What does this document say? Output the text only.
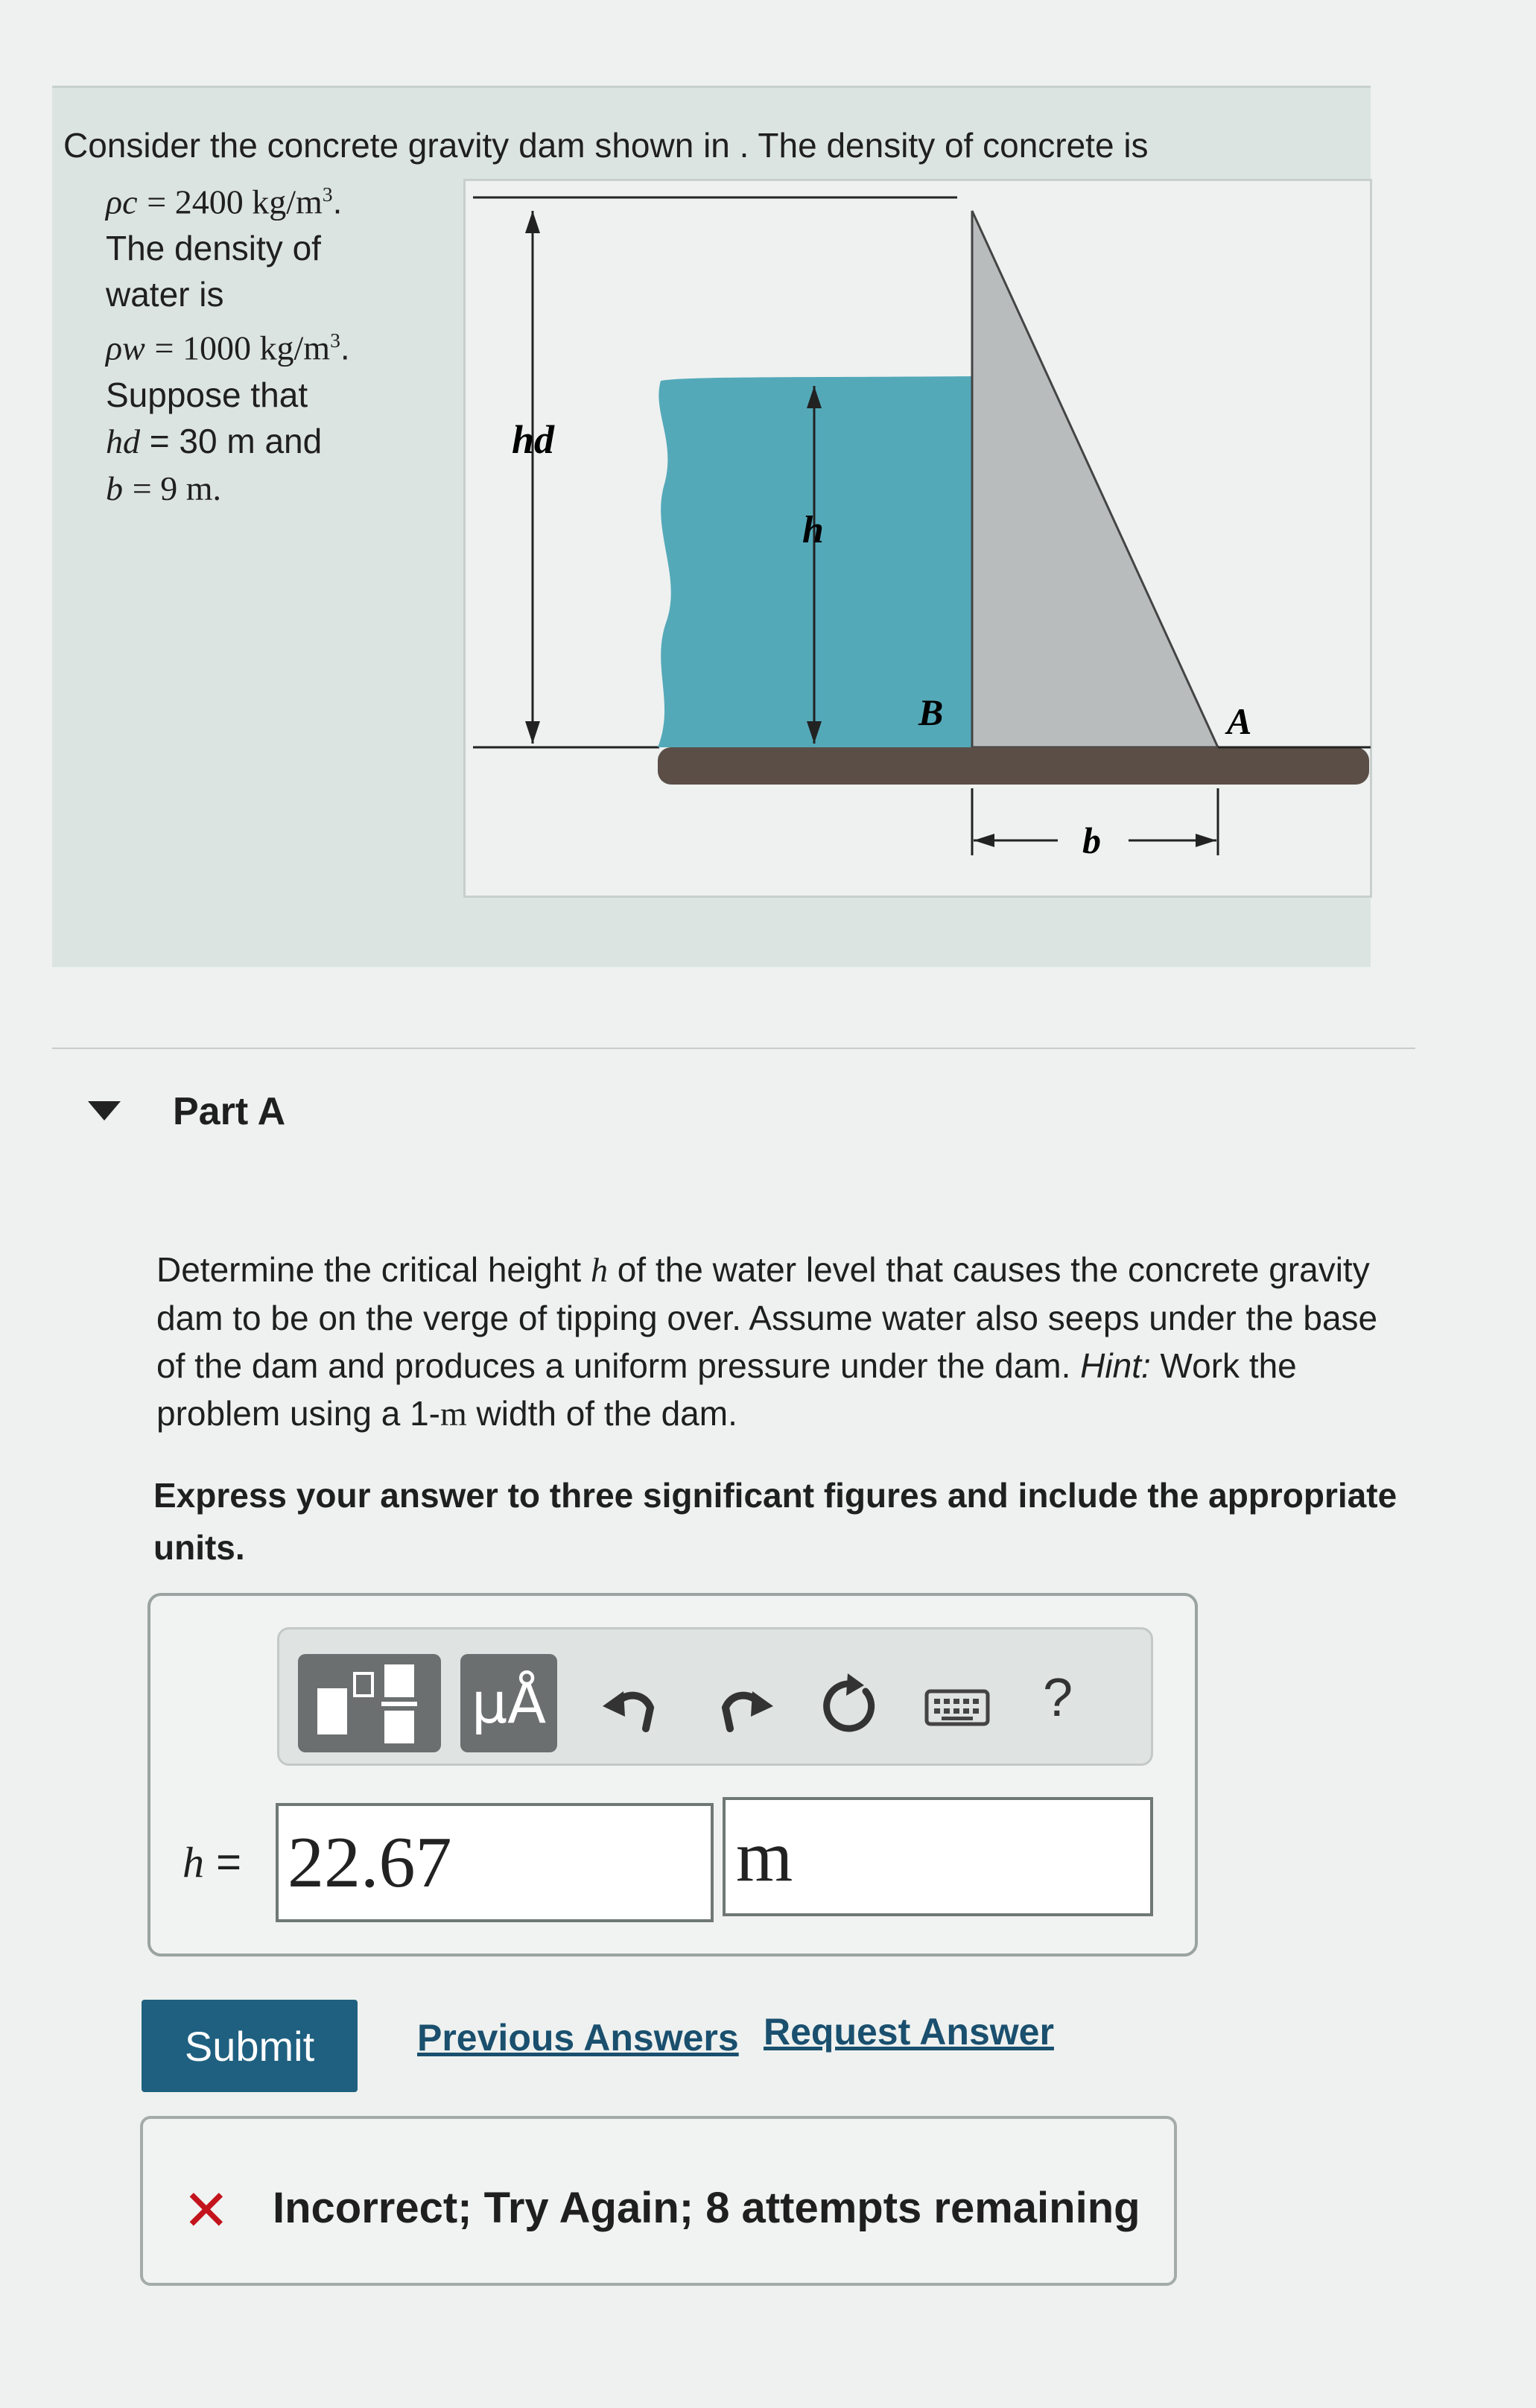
Consider the concrete gravity dam shown in . The density of concrete is
ρc = 2400 $kg/m^3$.
The density of
water is
ρw = 1000 $kg/m^3$.
Suppose that
hd = 30 m and
b = 9 m.
hd
h
B	A
b
Part A
Determine the critical height h of the water level that causes the concrete gravity dam to be on the verge of tipping over. Assume water also seeps under the base of the dam and produces a uniform pressure under the dam. Hint: Work the problem using a 1-m width of the dam.
Express your answer to three significant figures and include the appropriate units.
μÅ	?
h =
22.67
m
Submit	Previous Answers Request Answer
✕ Incorrect; Try Again; 8 attempts remaining
